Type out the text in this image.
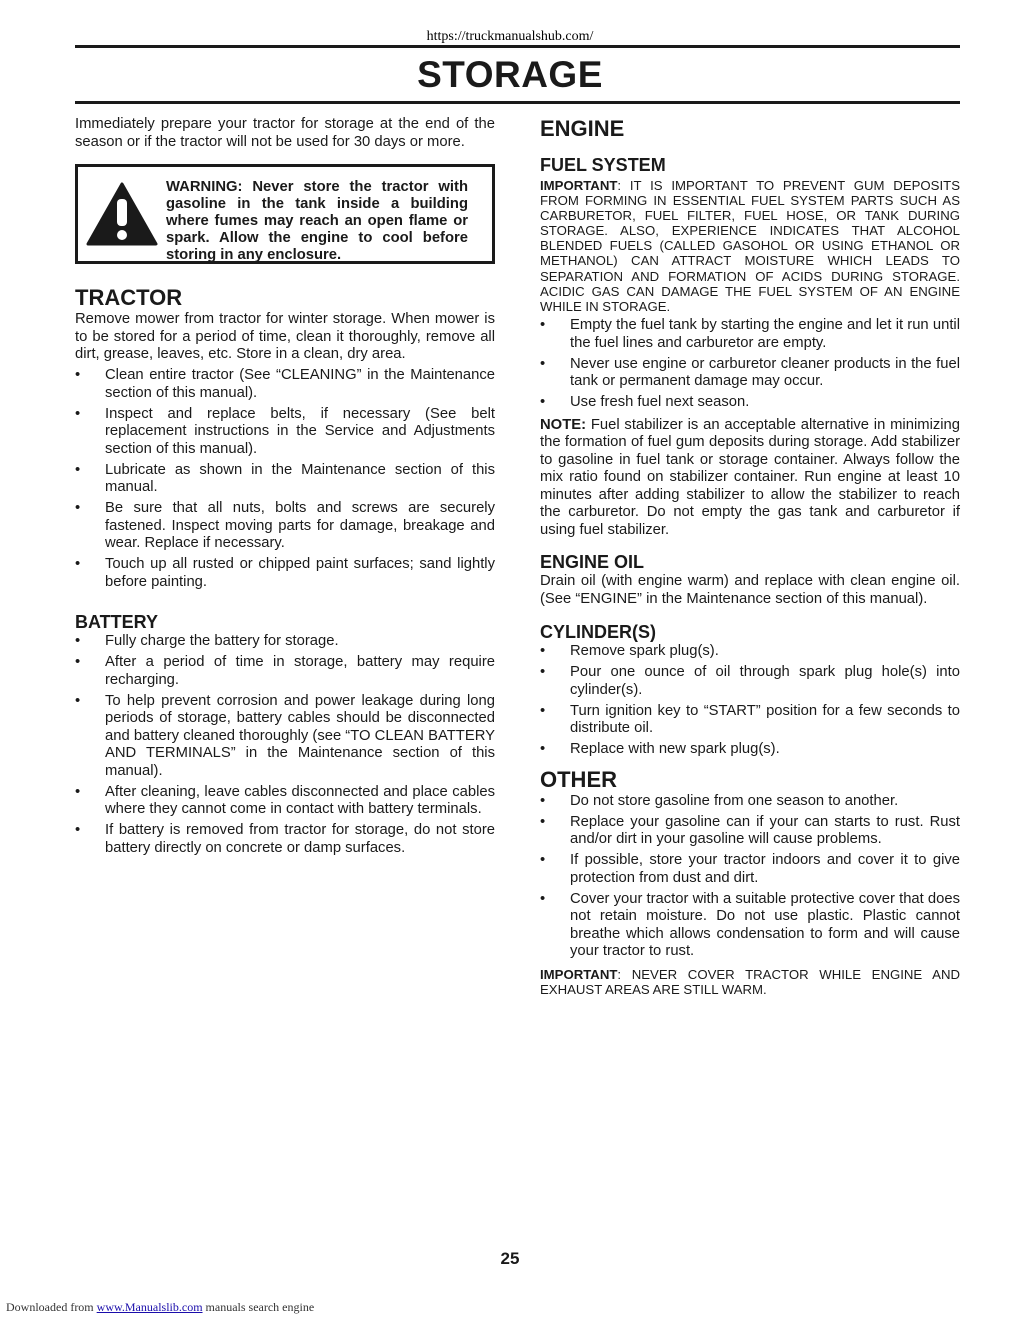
https://truckmanualshub.com/
STORAGE

Immediately prepare your tractor for storage at the end of the season or if the tractor will not be used for 30 days or more.

WARNING: Never store the tractor with gasoline in the tank inside a building where fumes may reach an open flame or spark. Allow the engine to cool before storing in any enclosure.
TRACTOR

Remove mower from tractor for winter storage. When mower is to be stored for a period of time, clean it thoroughly, remove all dirt, grease, leaves, etc. Store in a clean, dry area.

• Clean entire tractor (See “CLEANING” in the Maintenance section of this manual).
• Inspect and replace belts, if necessary (See belt replacement instructions in the Service and Adjustments section of this manual).
• Lubricate as shown in the Maintenance section of this manual.
• Be sure that all nuts, bolts and screws are securely fastened. Inspect moving parts for damage, breakage and wear. Replace if necessary.
• Touch up all rusted or chipped paint surfaces; sand lightly before painting.
BATTERY
• Fully charge the battery for storage.
• After a period of time in storage, battery may require recharging.
• To help prevent corrosion and power leakage during long periods of storage, battery cables should be disconnected and battery cleaned thoroughly (see “TO CLEAN BATTERY AND TERMINALS” in the Maintenance section of this manual).
• After cleaning, leave cables disconnected and place cables where they cannot come in contact with battery terminals.
• If battery is removed from tractor for storage, do not store battery directly on concrete or damp surfaces.
ENGINE
FUEL SYSTEM

IMPORTANT: IT IS IMPORTANT TO PREVENT GUM DEPOSITS FROM FORMING IN ESSENTIAL FUEL SYSTEM PARTS SUCH AS CARBURETOR, FUEL FILTER, FUEL HOSE, OR TANK DURING STORAGE. ALSO, EXPERIENCE INDICATES THAT ALCOHOL BLENDED FUELS (CALLED GASOHOL OR USING ETHANOL OR METHANOL) CAN ATTRACT MOISTURE WHICH LEADS TO SEPARATION AND FORMATION OF ACIDS DURING STORAGE. ACIDIC GAS CAN DAMAGE THE FUEL SYSTEM OF AN ENGINE WHILE IN STORAGE.

• Empty the fuel tank by starting the engine and let it run until the fuel lines and carburetor are empty.
• Never use engine or carburetor cleaner products in the fuel tank or permanent damage may occur.
• Use fresh fuel next season.

NOTE: Fuel stabilizer is an acceptable alternative in minimizing the formation of fuel gum deposits during storage. Add stabilizer to gasoline in fuel tank or storage container. Always follow the mix ratio found on stabilizer container. Run engine at least 10 minutes after adding stabilizer to allow the stabilizer to reach the carburetor. Do not empty the gas tank and carburetor if using fuel stabilizer.

ENGINE OIL

Drain oil (with engine warm) and replace with clean engine oil. (See “ENGINE” in the Maintenance section of this manual).

CYLINDER(S)
• Remove spark plug(s).
• Pour one ounce of oil through spark plug hole(s) into cylinder(s).
• Turn ignition key to “START” position for a few seconds to distribute oil.
• Replace with new spark plug(s).
OTHER
• Do not store gasoline from one season to another.
• Replace your gasoline can if your can starts to rust. Rust and/or dirt in your gasoline will cause problems.
• If possible, store your tractor indoors and cover it to give protection from dust and dirt.
• Cover your tractor with a suitable protective cover that does not retain moisture. Do not use plastic. Plastic cannot breathe which allows condensation to form and will cause your tractor to rust.

IMPORTANT: NEVER COVER TRACTOR WHILE ENGINE AND EXHAUST AREAS ARE STILL WARM.

25
Downloaded from www.Manualslib.com manuals search engine
